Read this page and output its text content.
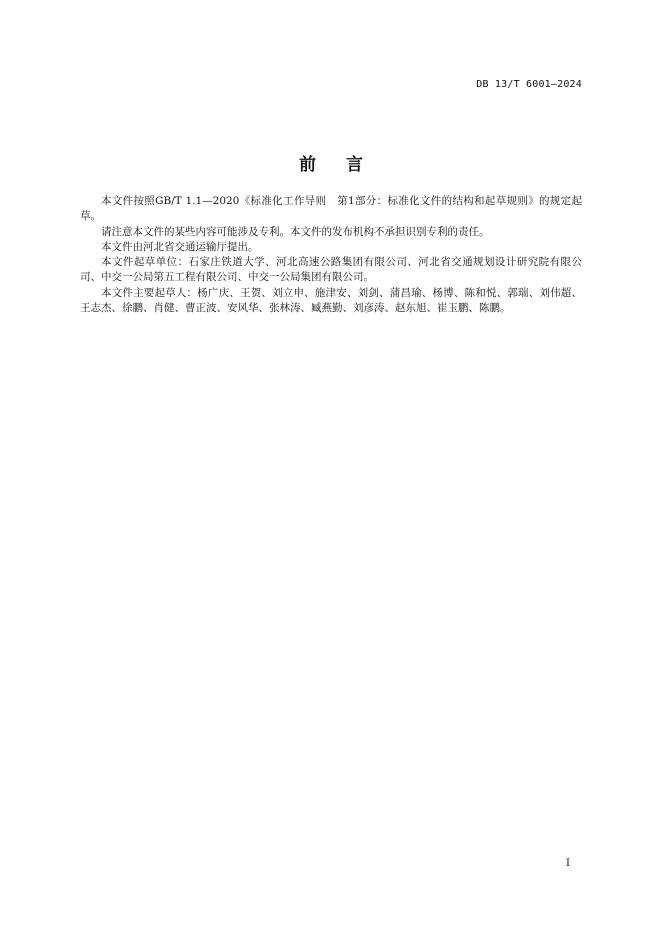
DB 13/T 6001—2024
前言

本文件按照GB/T 1.1—2020《标准化工作导则　第1部分：标准化文件的结构和起草规则》的规定起草。

请注意本文件的某些内容可能涉及专利。本文件的发布机构不承担识别专利的责任。

本文件由河北省交通运输厅提出。

本文件起草单位：石家庄铁道大学、河北高速公路集团有限公司、河北省交通规划设计研究院有限公司、中交一公局第五工程有限公司、中交一公局集团有限公司。

本文件主要起草人：杨广庆、王贺、刘立申、施津安、刘剑、蒲昌瑜、杨博、陈和悦、郭瑞、刘伟超、王志杰、徐鹏、肖健、曹正波、安风华、张林涛、臧燕勤、刘彦涛、赵东旭、崔玉鹏、陈鹏。

I
